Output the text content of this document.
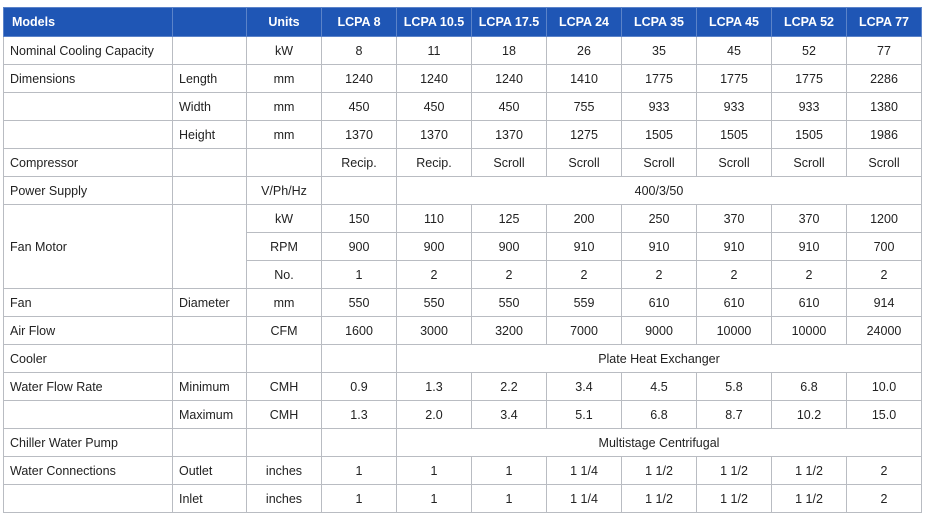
Models		Units	LCPA 8	LCPA 10.5	LCPA 17.5	LCPA 24	LCPA 35	LCPA 45	LCPA 52	LCPA 77
Nominal Cooling Capacity		kW	8	11	18	26	35	45	52	77
Dimensions	Length	mm	1240	1240	1240	1410	1775	1775	1775	2286
	Width	mm	450	450	450	755	933	933	933	1380
	Height	mm	1370	1370	1370	1275	1505	1505	1505	1986
Compressor			Recip.	Recip.	Scroll	Scroll	Scroll	Scroll	Scroll	Scroll
Power Supply		V/Ph/Hz		400/3/50						
Fan Motor		kW	150	110	125	200	250	370	370	1200
		RPM	900	900	900	910	910	910	910	700
		No.	1	2	2	2	2	2	2	2
Fan	Diameter	mm	550	550	550	559	610	610	610	914
Air Flow		CFM	1600	3000	3200	7000	9000	10000	10000	24000
Cooler				Plate Heat Exchanger						
Water Flow Rate	Minimum	CMH	0.9	1.3	2.2	3.4	4.5	5.8	6.8	10.0
	Maximum	CMH	1.3	2.0	3.4	5.1	6.8	8.7	10.2	15.0
Chiller Water Pump				Multistage Centrifugal						
Water Connections	Outlet	inches	1	1	1	1 1/4	1 1/2	1 1/2	1 1/2	2
	Inlet	inches	1	1	1	1 1/4	1 1/2	1 1/2	1 1/2	2
